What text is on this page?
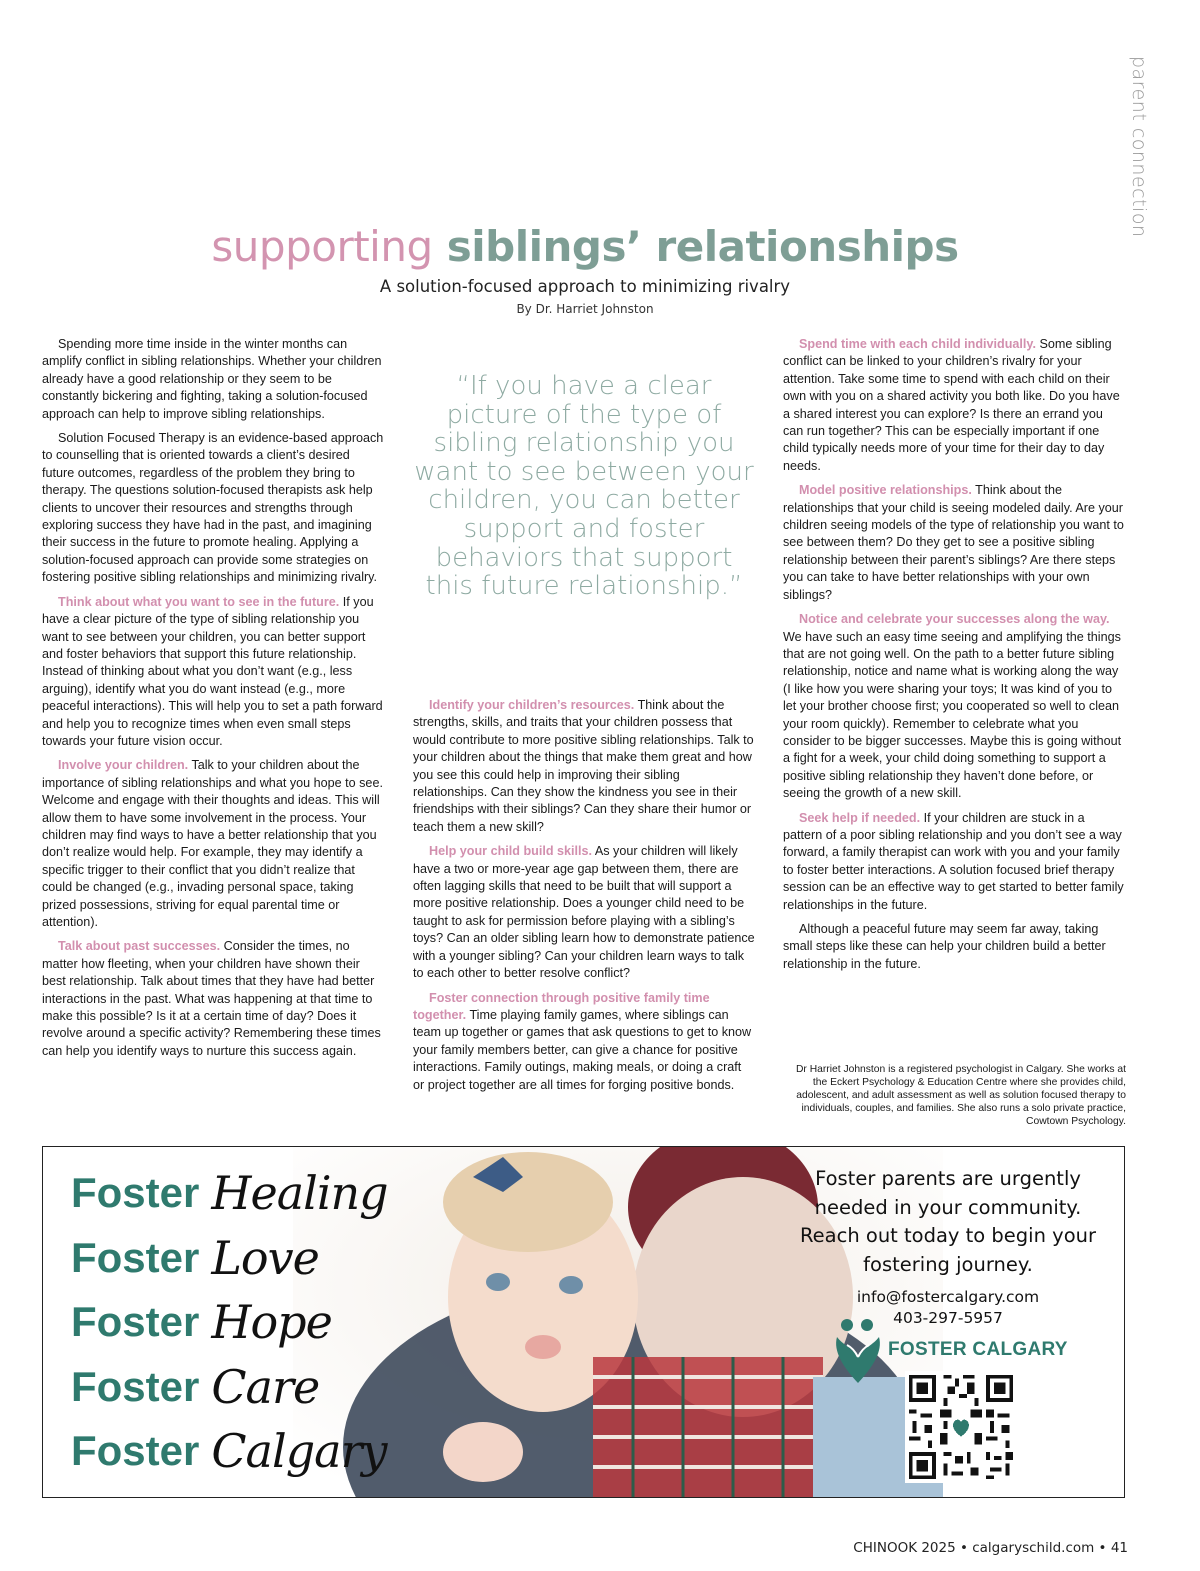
parent connection
supporting siblings’ relationships
A solution-focused approach to minimizing rivalry
By Dr. Harriet Johnston

Spending more time inside in the winter months can amplify conflict in sibling relationships. Whether your children already have a good relationship or they seem to be constantly bickering and fighting, taking a solution-focused approach can help to improve sibling relationships.

Solution Focused Therapy is an evidence-based approach to counselling that is oriented towards a client’s desired future outcomes, regardless of the problem they bring to therapy. The questions solution-focused therapists ask help clients to uncover their resources and strengths through exploring success they have had in the past, and imagining their success in the future to promote healing. Applying a solution-focused approach can provide some strategies on fostering positive sibling relationships and minimizing rivalry.

Think about what you want to see in the future. If you have a clear picture of the type of sibling relationship you want to see between your children, you can better support and foster behaviors that support this future relationship. Instead of thinking about what you don’t want (e.g., less arguing), identify what you do want instead (e.g., more peaceful interactions). This will help you to set a path forward and help you to recognize times when even small steps towards your future vision occur.

Involve your children. Talk to your children about the importance of sibling relationships and what you hope to see. Welcome and engage with their thoughts and ideas. This will allow them to have some involvement in the process. Your children may find ways to have a better relationship that you don’t realize would help. For example, they may identify a specific trigger to their conflict that you didn’t realize that could be changed (e.g., invading personal space, taking prized possessions, striving for equal parental time or attention).

Talk about past successes. Consider the times, no matter how fleeting, when your children have shown their best relationship. Talk about times that they have had better interactions in the past. What was happening at that time to make this possible? Is it at a certain time of day? Does it revolve around a specific activity? Remembering these times can help you identify ways to nurture this success again.

“If you have a clear picture of the type of sibling relationship you want to see between your children, you can better support and foster behaviors that support this future relationship.”

Identify your children’s resources. Think about the strengths, skills, and traits that your children possess that would contribute to more positive sibling relationships. Talk to your children about the things that make them great and how you see this could help in improving their sibling relationships. Can they show the kindness you see in their friendships with their siblings? Can they share their humor or teach them a new skill?

Help your child build skills. As your children will likely have a two or more-year age gap between them, there are often lagging skills that need to be built that will support a more positive relationship. Does a younger child need to be taught to ask for permission before playing with a sibling’s toys? Can an older sibling learn how to demonstrate patience with a younger sibling? Can your children learn ways to talk to each other to better resolve conflict?

Foster connection through positive family time together. Time playing family games, where siblings can team up together or games that ask questions to get to know your family members better, can give a chance for positive interactions. Family outings, making meals, or doing a craft or project together are all times for forging positive bonds.

Spend time with each child individually. Some sibling conflict can be linked to your children’s rivalry for your attention. Take some time to spend with each child on their own with you on a shared activity you both like. Do you have a shared interest you can explore? Is there an errand you can run together? This can be especially important if one child typically needs more of your time for their day to day needs.

Model positive relationships. Think about the relationships that your child is seeing modeled daily. Are your children seeing models of the type of relationship you want to see between them? Do they get to see a positive sibling relationship between their parent’s siblings? Are there steps you can take to have better relationships with your own siblings?

Notice and celebrate your successes along the way. We have such an easy time seeing and amplifying the things that are not going well. On the path to a better future sibling relationship, notice and name what is working along the way (I like how you were sharing your toys; It was kind of you to let your brother choose first; you cooperated so well to clean your room quickly). Remember to celebrate what you consider to be bigger successes. Maybe this is going without a fight for a week, your child doing something to support a positive sibling relationship they haven’t done before, or seeing the growth of a new skill.

Seek help if needed. If your children are stuck in a pattern of a poor sibling relationship and you don’t see a way forward, a family therapist can work with you and your family to foster better interactions. A solution focused brief therapy session can be an effective way to get started to better family relationships in the future.

Although a peaceful future may seem far away, taking small steps like these can help your children build a better relationship in the future.

Dr Harriet Johnston is a registered psychologist in Calgary. She works at the Eckert Psychology & Education Centre where she provides child, adolescent, and adult assessment as well as solution focused therapy to individuals, couples, and families. She also runs a solo private practice, Cowtown Psychology.
Foster Healing
Foster Love
Foster Hope
Foster Care
Foster Calgary
Foster parents are urgently needed in your community. Reach out today to begin your fostering journey.
info@fostercalgary.com
403-297-5957
FOSTER CALGARY
CHINOOK 2025 • calgaryschild.com • 41
